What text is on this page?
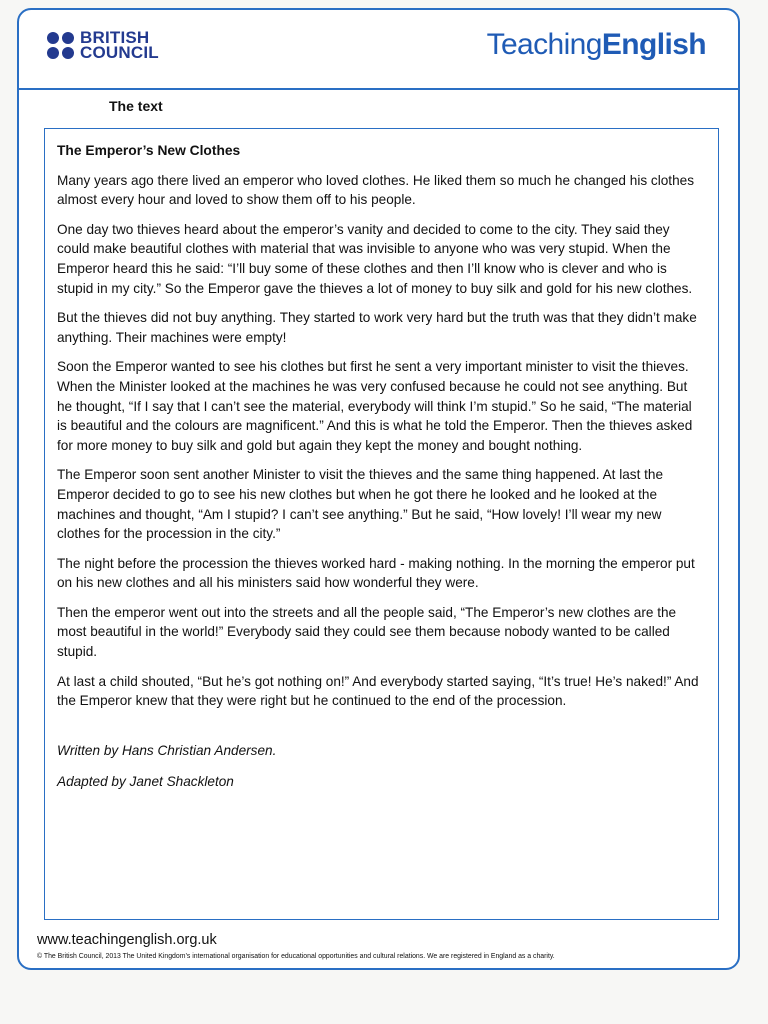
BRITISH
COUNCIL	TeachingEnglish
The text

The Emperor’s New Clothes

Many years ago there lived an emperor who loved clothes. He liked them so much he changed his clothes almost every hour and loved to show them off to his people.

One day two thieves heard about the emperor’s vanity and decided to come to the city. They said they could make beautiful clothes with material that was invisible to anyone who was very stupid. When the Emperor heard this he said: “I’ll buy some of these clothes and then I’ll know who is clever and who is stupid in my city.” So the Emperor gave the thieves a lot of money to buy silk and gold for his new clothes.

But the thieves did not buy anything. They started to work very hard but the truth was that they didn’t make anything. Their machines were empty!

Soon the Emperor wanted to see his clothes but first he sent a very important minister to visit the thieves. When the Minister looked at the machines he was very confused because he could not see anything. But he thought, “If I say that I can’t see the material, everybody will think I’m stupid.” So he said, “The material is beautiful and the colours are magnificent.” And this is what he told the Emperor. Then the thieves asked for more money to buy silk and gold but again they kept the money and bought nothing.

The Emperor soon sent another Minister to visit the thieves and the same thing happened. At last the Emperor decided to go to see his new clothes but when he got there he looked and he looked at the machines and thought, “Am I stupid? I can’t see anything.” But he said, “How lovely! I’ll wear my new clothes for the procession in the city.”

The night before the procession the thieves worked hard - making nothing. In the morning the emperor put on his new clothes and all his ministers said how wonderful they were.

Then the emperor went out into the streets and all the people said, “The Emperor’s new clothes are the most beautiful in the world!” Everybody said they could see them because nobody wanted to be called stupid.

At last a child shouted, “But he’s got nothing on!” And everybody started saying, “It’s true! He’s naked!” And the Emperor knew that they were right but he continued to the end of the procession.

Written by Hans Christian Andersen.

Adapted by Janet Shackleton

www.teachingenglish.org.uk
© The British Council, 2013 The United Kingdom’s international organisation for educational opportunities and cultural relations. We are registered in England as a charity.
